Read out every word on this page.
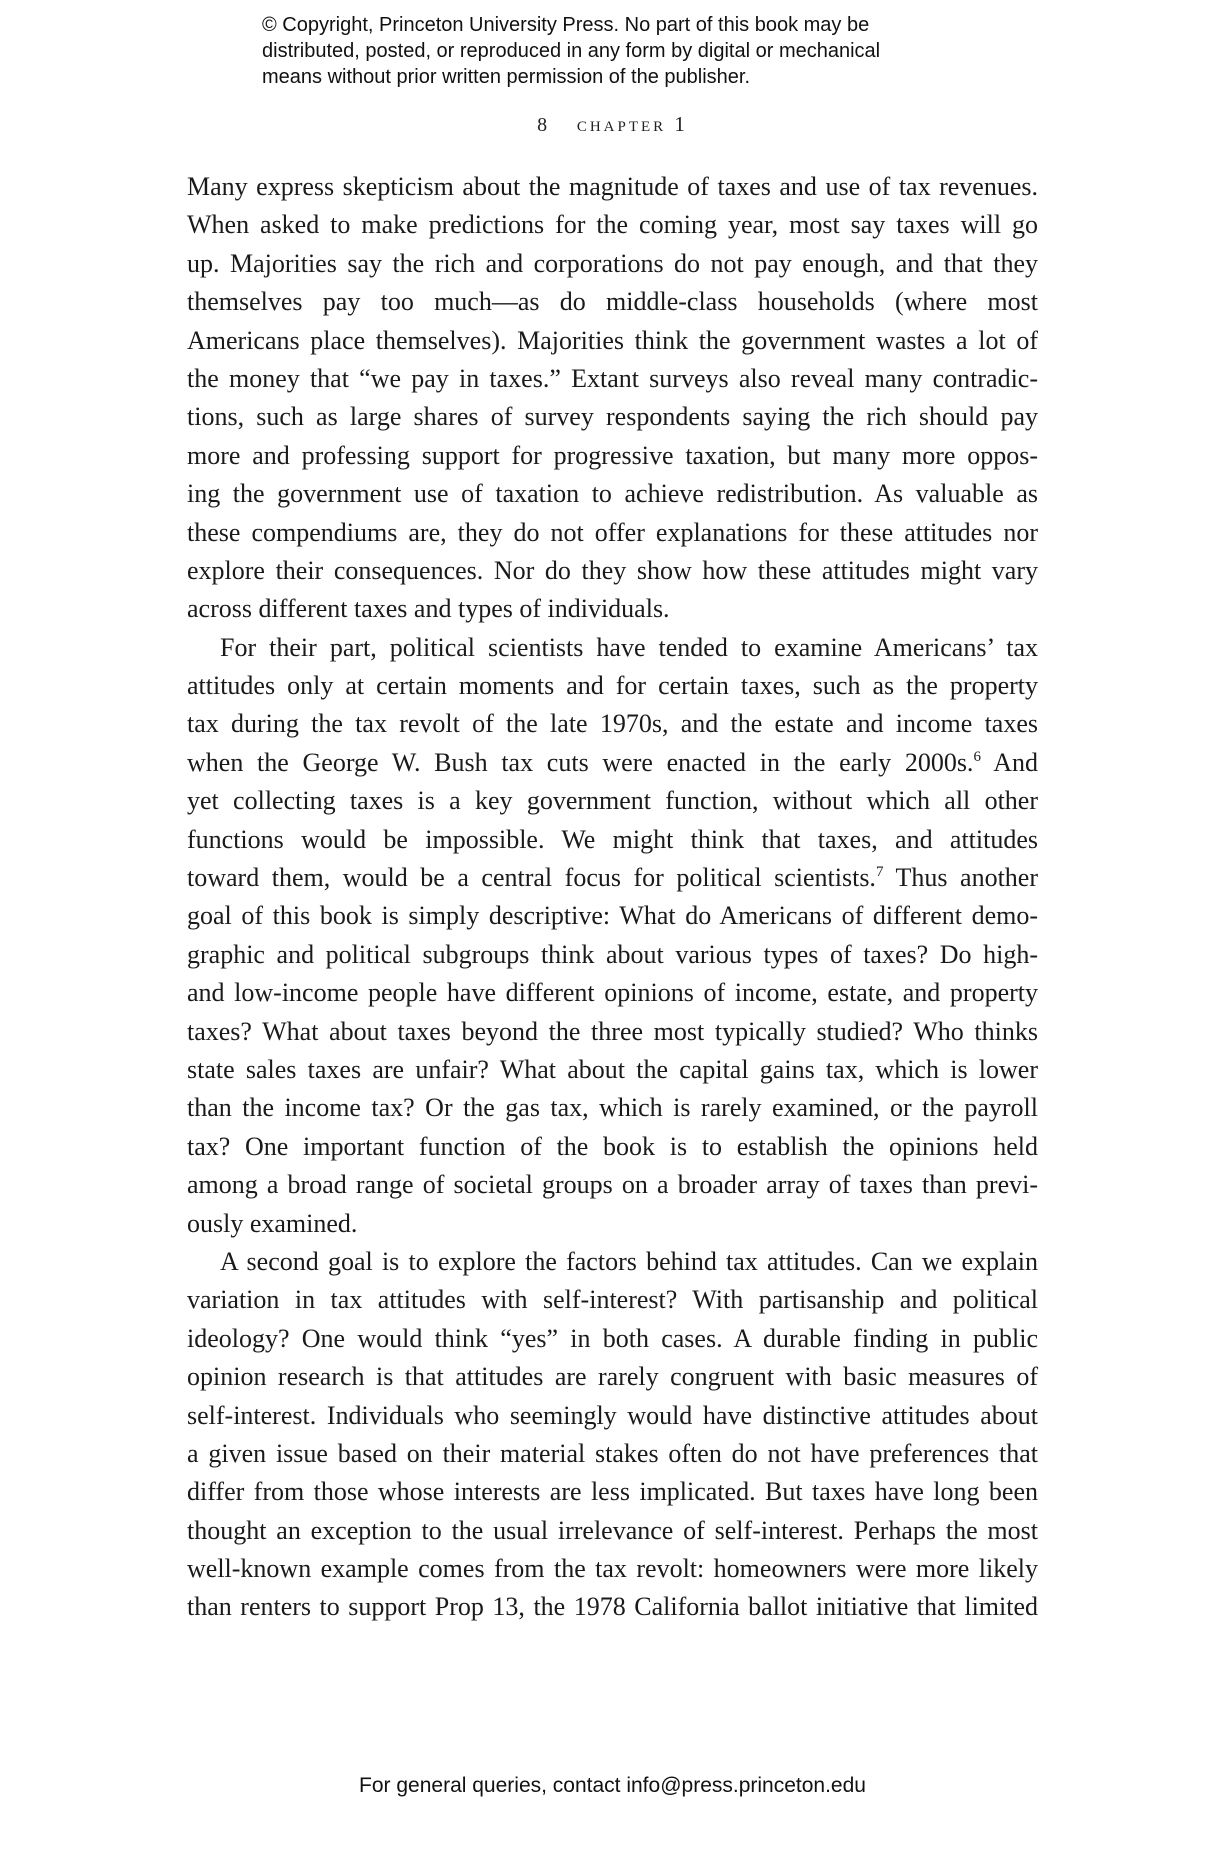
© Copyright, Princeton University Press. No part of this book may be
distributed, posted, or reproduced in any form by digital or mechanical
means without prior written permission of the publisher.
8 chapter 1
Many express skepticism about the magnitude of taxes and use of tax revenues.
When asked to make predictions for the coming year, most say taxes will go
up. Majorities say the rich and corporations do not pay enough, and that they
themselves pay too much—as do middle-class households (where most
Americans place themselves). Majorities think the government wastes a lot of
the money that “we pay in taxes.” Extant surveys also reveal many contradic-
tions, such as large shares of survey respondents saying the rich should pay
more and professing support for progressive taxation, but many more oppos-
ing the government use of taxation to achieve redistribution. As valuable as
these compendiums are, they do not offer explanations for these attitudes nor
explore their consequences. Nor do they show how these attitudes might vary
across different taxes and types of individuals.
For their part, political scientists have tended to examine Americans’ tax
attitudes only at certain moments and for certain taxes, such as the property
tax during the tax revolt of the late 1970s, and the estate and income taxes
when the George W. Bush tax cuts were enacted in the early 2000s.$^6$ And
yet collecting taxes is a key government function, without which all other
functions would be impossible. We might think that taxes, and attitudes
toward them, would be a central focus for political scientists.$^7$ Thus another
goal of this book is simply descriptive: What do Americans of different demo-
graphic and political subgroups think about various types of taxes? Do high-
and low-income people have different opinions of income, estate, and property
taxes? What about taxes beyond the three most typically studied? Who thinks
state sales taxes are unfair? What about the capital gains tax, which is lower
than the income tax? Or the gas tax, which is rarely examined, or the payroll
tax? One important function of the book is to establish the opinions held
among a broad range of societal groups on a broader array of taxes than previ-
ously examined.
A second goal is to explore the factors behind tax attitudes. Can we explain
variation in tax attitudes with self-interest? With partisanship and political
ideology? One would think “yes” in both cases. A durable finding in public
opinion research is that attitudes are rarely congruent with basic measures of
self-interest. Individuals who seemingly would have distinctive attitudes about
a given issue based on their material stakes often do not have preferences that
differ from those whose interests are less implicated. But taxes have long been
thought an exception to the usual irrelevance of self-interest. Perhaps the most
well-known example comes from the tax revolt: homeowners were more likely
than renters to support Prop 13, the 1978 California ballot initiative that limited
For general queries, contact info@press.princeton.edu
